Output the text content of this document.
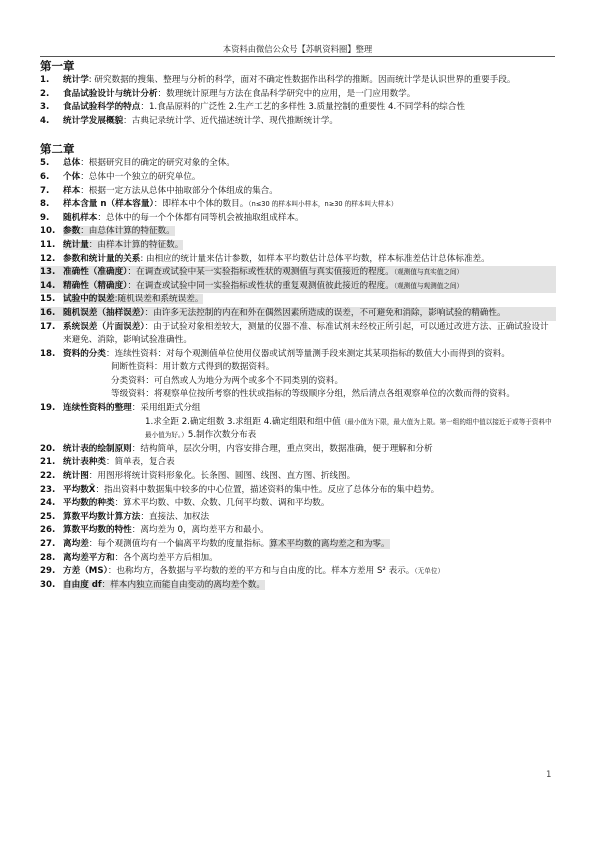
本资料由微信公众号【苏帆资料圈】整理
第一章
1.	统计学: 研究数据的搜集、整理与分析的科学，面对不确定性数据作出科学的推断。因而统计学是认识世界的重要手段。
2.	食品试验设计与统计分析：数理统计原理与方法在食品科学研究中的应用，是一门应用数学。
3.	食品试验科学的特点：1.食品原料的广泛性 2.生产工艺的多样性 3.质量控制的重要性 4.不同学科的综合性
4.	统计学发展概貌：古典记录统计学、近代描述统计学、现代推断统计学。
第二章
5.	总体：根据研究目的确定的研究对象的全体。
6.	个体：总体中一个独立的研究单位。
7.	样本：根据一定方法从总体中抽取部分个体组成的集合。
8.	样本含量 n（样本容量）：即样本中个体的数目。（n≤30 的样本叫小样本，n≥30 的样本叫大样本）
9.	随机样本：总体中的每一个个体都有同等机会被抽取组成样本。
10. 参数：由总体计算的特征数。
11. 统计量：由样本计算的特征数。
12. 参数和统计量的关系: 由相应的统计量来估计参数，如样本平均数估计总体平均数，样本标准差估计总体标准差。
13. 准确性（准确度）：在调查或试验中某一实验指标或性状的观测值与真实值接近的程度。（观测值与真实值之间）
14. 精确性（精确度）：在调查或试验中同一实验指标或性状的重复观测值彼此接近的程度。（观测值与观测值之间）
15. 试验中的误差:随机误差和系统误差。
16. 随机误差（抽样误差）：由许多无法控制的内在和外在偶然因素所造成的误差，不可避免和消除，影响试验的精确性。
17. 系统误差（片面误差）：由于试验对象相差较大，测量的仪器不准、标准试剂未经校正所引起，可以通过改进方法、正确试验设计来避免、消除，影响试验准确性。
18. 资料的分类：连续性资料：对每个观测值单位使用仪器或试剂等量测手段来测定其某项指标的数值大小而得到的资料。
间断性资料：用计数方式得到的数据资料。
分类资料：可自然或人为地分为两个或多个不同类别的资料。
等级资料：将观察单位按所考察的性状或指标的等级顺序分组，然后清点各组观察单位的次数而得的资料。
19. 连续性资料的整理：采用组距式分组
1.求全距 2.确定组数 3.求组距 4.确定组限和组中值（最小值为下限，最大值为上限。第一组的组中值以接近于或等于资料中最小值为好。）5.制作次数分布表
20. 统计表的绘制原则：结构简单，层次分明，内容安排合理，重点突出，数据准确，便于理解和分析
21. 统计表种类：简单表，复合表
22. 统计图：用图形将统计资料形象化。长条图、圆图、线图、直方图、折线图。
23. 平均数X̄：指出资料中数据集中较多的中心位置，描述资料的集中性。反应了总体分布的集中趋势。
24. 平均数的种类：算术平均数、中数、众数、几何平均数、调和平均数。
25. 算数平均数计算方法：直接法、加权法
26. 算数平均数的特性：离均差为 0，离均差平方和最小。
27. 离均差：每个观测值均有一个偏离平均数的度量指标。算术平均数的离均差之和为零。
28. 离均差平方和：各个离均差平方后相加。
29. 方差（MS）：也称均方，各数据与平均数的差的平方和与自由度的比。样本方差用 S² 表示。（无单位）
30. 自由度 df：样本内独立而能自由变动的离均差个数。
1
